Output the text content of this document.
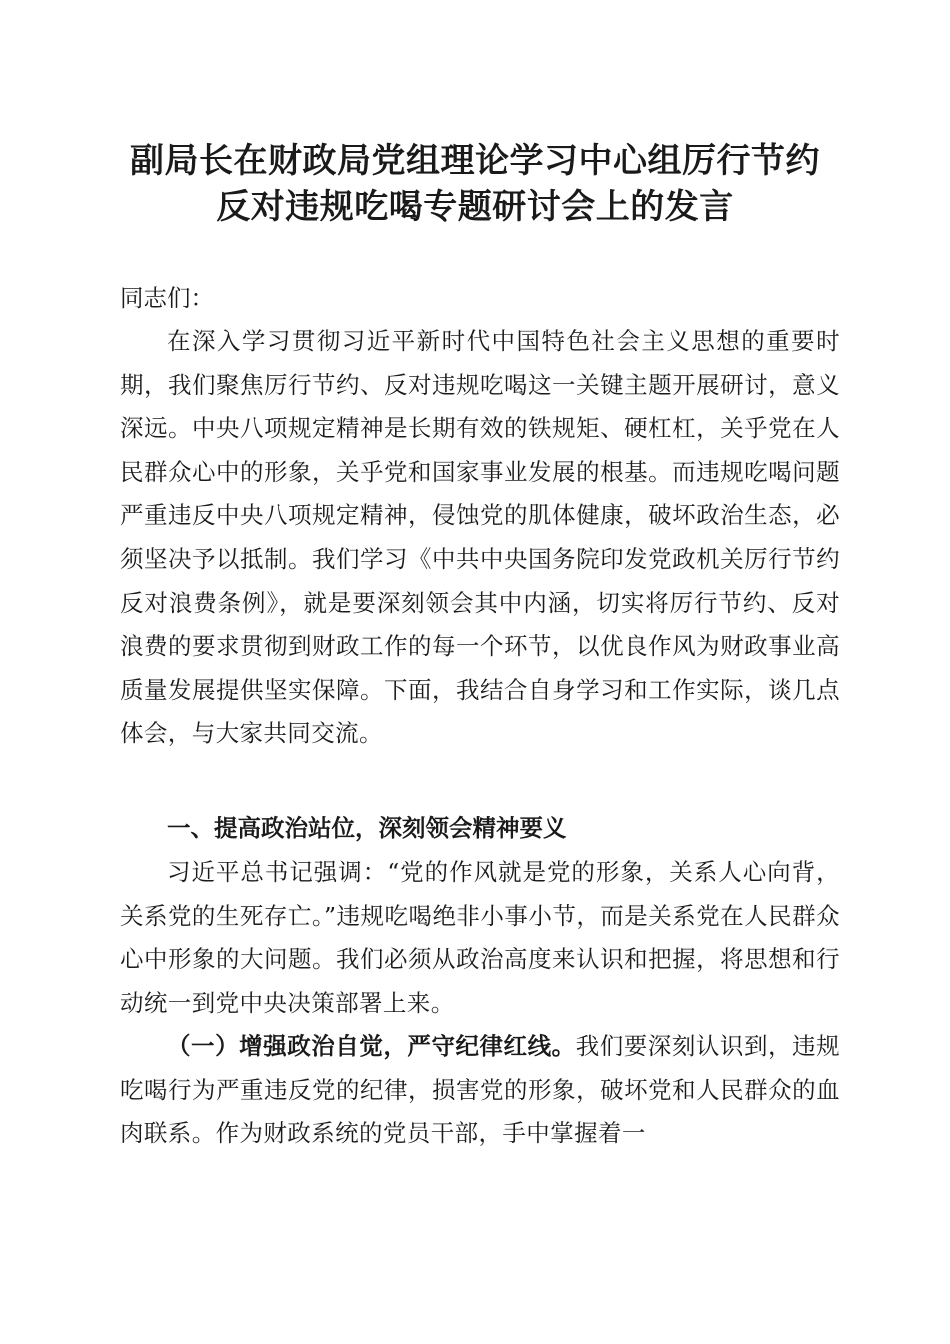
副局长在财政局党组理论学习中心组厉行节约
反对违规吃喝专题研讨会上的发言
同志们：
在深入学习贯彻习近平新时代中国特色社会主义思想的重要时期，我们聚焦厉行节约、反对违规吃喝这一关键主题开展研讨，意义深远。中央八项规定精神是长期有效的铁规矩、硬杠杠，关乎党在人民群众心中的形象，关乎党和国家事业发展的根基。而违规吃喝问题严重违反中央八项规定精神，侵蚀党的肌体健康，破坏政治生态，必须坚决予以抵制。我们学习《中共中央国务院印发党政机关厉行节约反对浪费条例》，就是要深刻领会其中内涵，切实将厉行节约、反对浪费的要求贯彻到财政工作的每一个环节，以优良作风为财政事业高质量发展提供坚实保障。下面，我结合自身学习和工作实际，谈几点体会，与大家共同交流。
一、提高政治站位，深刻领会精神要义
习近平总书记强调：“党的作风就是党的形象，关系人心向背，关系党的生死存亡。”违规吃喝绝非小事小节，而是关系党在人民群众心中形象的大问题。我们必须从政治高度来认识和把握，将思想和行动统一到党中央决策部署上来。
（一）增强政治自觉，严守纪律红线。我们要深刻认识到，违规吃喝行为严重违反党的纪律，损害党的形象，破坏党和人民群众的血肉联系。作为财政系统的党员干部，手中掌握着一
